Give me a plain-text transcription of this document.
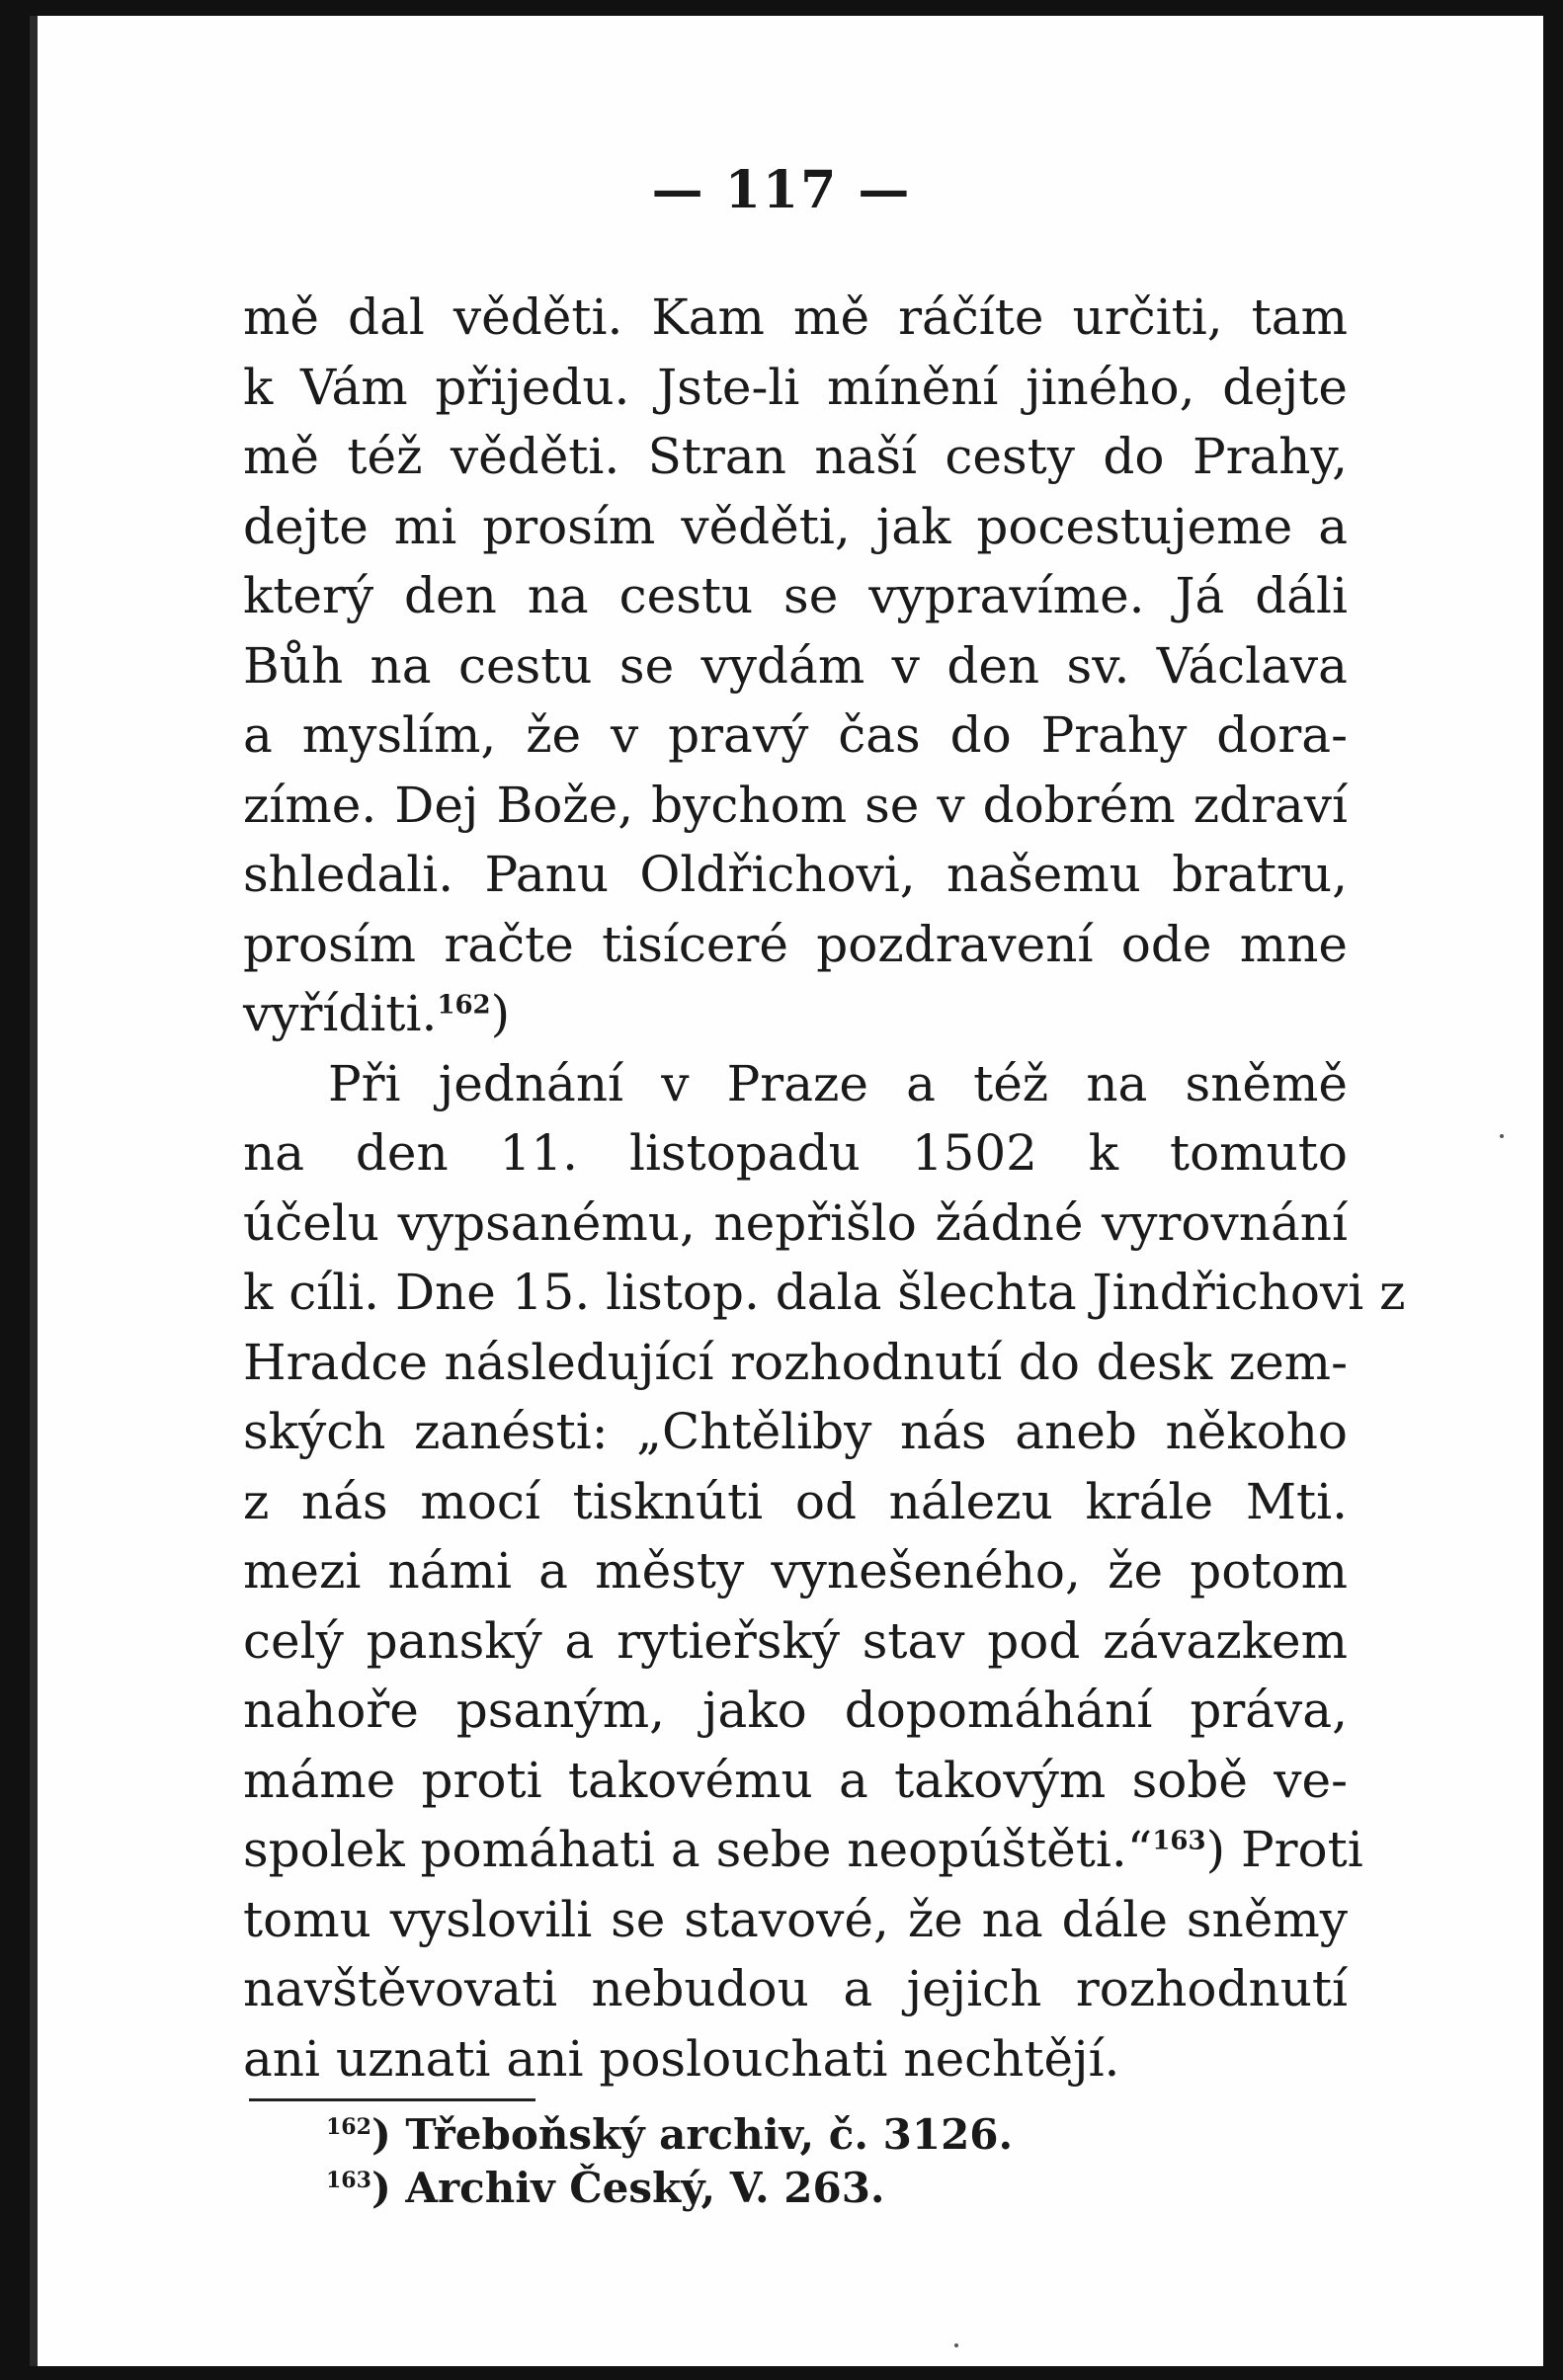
— 117 —
mě dal věděti. Kam mě ráčíte určiti, tam
k Vám přijedu. Jste-li mínění jiného, dejte
mě též věděti. Stran naší cesty do Prahy,
dejte mi prosím věděti, jak pocestujeme a
který den na cestu se vypravíme. Já dáli
Bůh na cestu se vydám v den sv. Václava
a myslím, že v pravý čas do Prahy dora-
zíme. Dej Bože, bychom se v dobrém zdraví
shledali. Panu Oldřichovi, našemu bratru,
prosím račte tisíceré pozdravení ode mne
vyříditi.$^{162}$)
Při jednání v Praze a též na sněmě
na den 11. listopadu 1502 k tomuto
účelu vypsanému, nepřišlo žádné vyrovnání
k cíli. Dne 15. listop. dala šlechta Jindřichovi z
Hradce následující rozhodnutí do desk zem-
ských zanésti: „Chtěliby nás aneb někoho
z nás mocí tisknúti od nálezu krále Mti.
mezi námi a městy vynešeného, že potom
celý panský a rytieřský stav pod závazkem
nahoře psaným, jako dopomáhání práva,
máme proti takovému a takovým sobě ve-
spolek pomáhati a sebe neopúštěti.“$^{163}$) Proti
tomu vyslovili se stavové, že na dále sněmy
navštěvovati nebudou a jejich rozhodnutí
ani uznati ani poslouchati nechtějí.
$^{162}$) Třeboňský archiv, č. 3126.
$^{163}$) Archiv Český, V. 263.
